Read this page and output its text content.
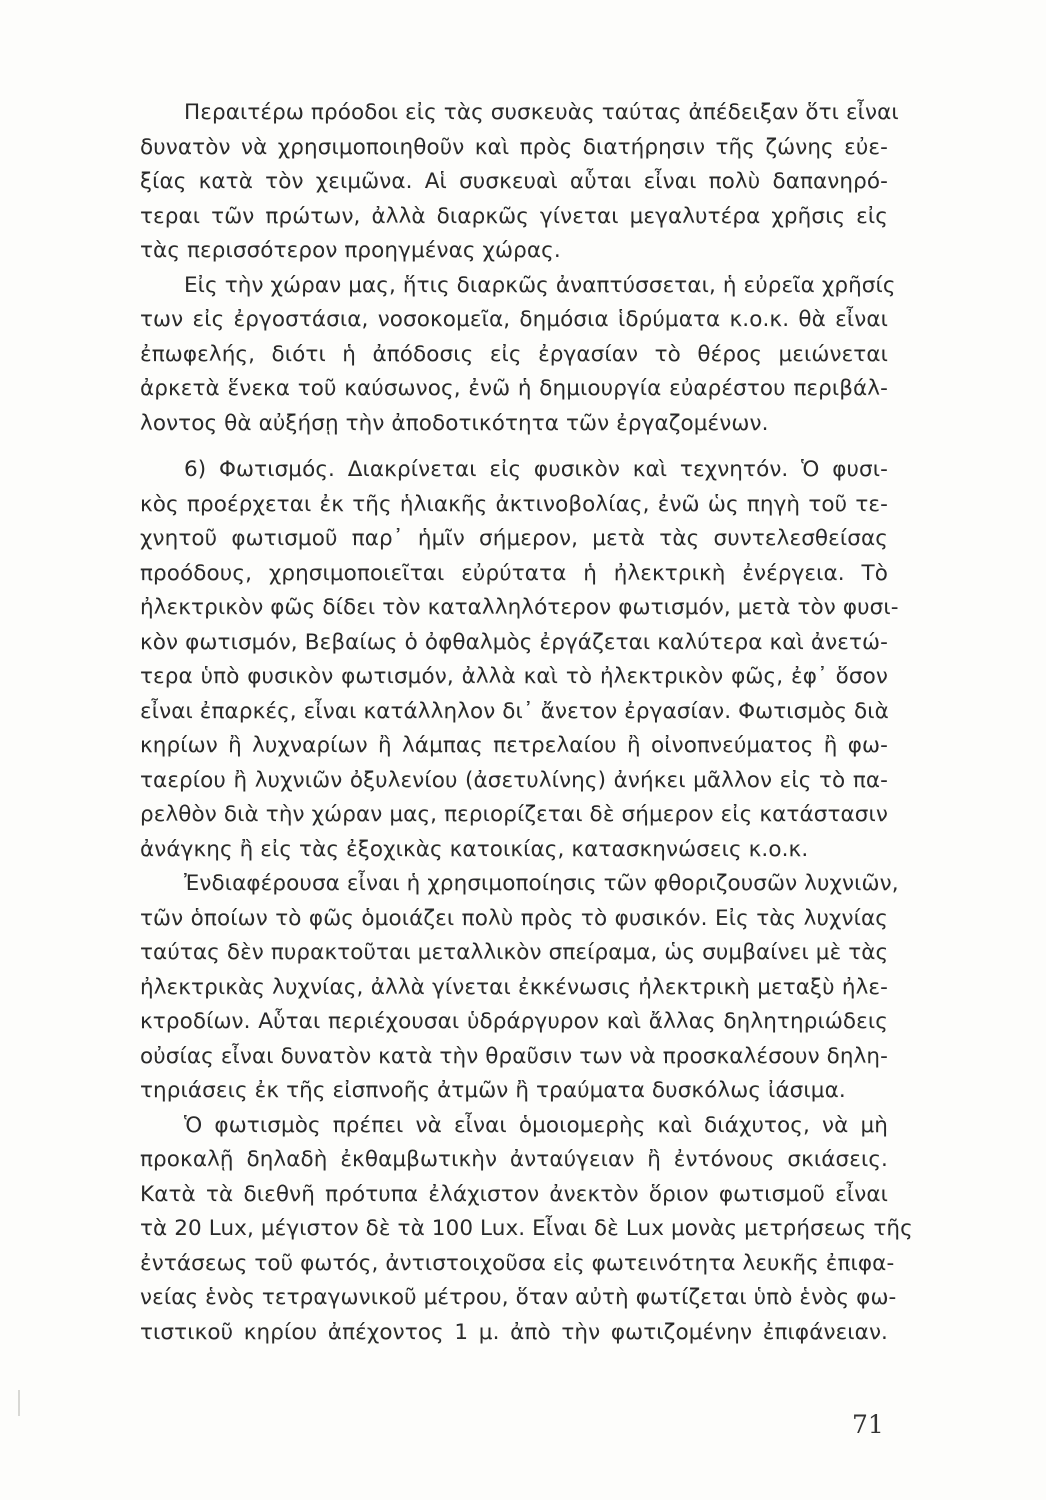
Περαιτέρω πρόοδοι εἰς τὰς συσκευὰς ταύτας ἀπέδειξαν ὅτι εἶναι
δυνατὸν νὰ χρησιμοποιηθοῦν καὶ πρὸς διατήρησιν τῆς ζώνης εὐε-
ξίας κατὰ τὸν χειμῶνα. Αἱ συσκευαὶ αὗται εἶναι πολὺ δαπανηρό-
τεραι τῶν πρώτων, ἀλλὰ διαρκῶς γίνεται μεγαλυτέρα χρῆσις εἰς
τὰς περισσότερον προηγμένας χώρας.
Εἰς τὴν χώραν μας, ἥτις διαρκῶς ἀναπτύσσεται, ἡ εὐρεῖα χρῆσίς
των εἰς ἐργοστάσια, νοσοκομεῖα, δημόσια ἱδρύματα κ.ο.κ. θὰ εἶναι
ἐπωφελής, διότι ἡ ἀπόδοσις εἰς ἐργασίαν τὸ θέρος μειώνεται
ἀρκετὰ ἕνεκα τοῦ καύσωνος, ἐνῶ ἡ δημιουργία εὐαρέστου περιβάλ-
λοντος θὰ αὐξήσῃ τὴν ἀποδοτικότητα τῶν ἐργαζομένων.
6) Φωτισμός. Διακρίνεται εἰς φυσικὸν καὶ τεχνητόν. Ὁ φυσι-
κὸς προέρχεται ἐκ τῆς ἡλιακῆς ἀκτινοβολίας, ἐνῶ ὡς πηγὴ τοῦ τε-
χνητοῦ φωτισμοῦ παρ᾿ ἡμῖν σήμερον, μετὰ τὰς συντελεσθείσας
προόδους, χρησιμοποιεῖται εὐρύτατα ἡ ἠλεκτρικὴ ἐνέργεια. Τὸ
ἠλεκτρικὸν φῶς δίδει τὸν καταλληλότερον φωτισμόν, μετὰ τὸν φυσι-
κὸν φωτισμόν, Βεβαίως ὁ ὀφθαλμὸς ἐργάζεται καλύτερα καὶ ἀνετώ-
τερα ὑπὸ φυσικὸν φωτισμόν, ἀλλὰ καὶ τὸ ἠλεκτρικὸν φῶς, ἐφ᾿ ὅσον
εἶναι ἐπαρκές, εἶναι κατάλληλον δι᾿ ἄνετον ἐργασίαν. Φωτισμὸς διὰ
κηρίων ἢ λυχναρίων ἢ λάμπας πετρελαίου ἢ οἰνοπνεύματος ἢ φω-
ταερίου ἢ λυχνιῶν ὀξυλενίου (ἀσετυλίνης) ἀνήκει μᾶλλον εἰς τὸ πα-
ρελθὸν διὰ τὴν χώραν μας, περιορίζεται δὲ σήμερον εἰς κατάστασιν
ἀνάγκης ἢ εἰς τὰς ἐξοχικὰς κατοικίας, κατασκηνώσεις κ.ο.κ.
Ἐνδιαφέρουσα εἶναι ἡ χρησιμοποίησις τῶν φθοριζουσῶν λυχνιῶν,
τῶν ὁποίων τὸ φῶς ὁμοιάζει πολὺ πρὸς τὸ φυσικόν. Εἰς τὰς λυχνίας
ταύτας δὲν πυρακτοῦται μεταλλικὸν σπείραμα, ὡς συμβαίνει μὲ τὰς
ἠλεκτρικὰς λυχνίας, ἀλλὰ γίνεται ἐκκένωσις ἠλεκτρικὴ μεταξὺ ἠλε-
κτροδίων. Αὗται περιέχουσαι ὑδράργυρον καὶ ἄλλας δηλητηριώδεις
οὐσίας εἶναι δυνατὸν κατὰ τὴν θραῦσιν των νὰ προσκαλέσουν δηλη-
τηριάσεις ἐκ τῆς εἰσπνοῆς ἀτμῶν ἢ τραύματα δυσκόλως ἰάσιμα.
Ὁ φωτισμὸς πρέπει νὰ εἶναι ὁμοιομερὴς καὶ διάχυτος, νὰ μὴ
προκαλῇ δηλαδὴ ἐκθαμβωτικὴν ἀνταύγειαν ἢ ἐντόνους σκιάσεις.
Κατὰ τὰ διεθνῆ πρότυπα ἐλάχιστον ἀνεκτὸν ὅριον φωτισμοῦ εἶναι
τὰ 20 Lux, μέγιστον δὲ τὰ 100 Lux. Εἶναι δὲ Lux μονὰς μετρήσεως τῆς
ἐντάσεως τοῦ φωτός, ἀντιστοιχοῦσα εἰς φωτεινότητα λευκῆς ἐπιφα-
νείας ἑνὸς τετραγωνικοῦ μέτρου, ὅταν αὐτὴ φωτίζεται ὑπὸ ἑνὸς φω-
τιστικοῦ κηρίου ἀπέχοντος 1 μ. ἀπὸ τὴν φωτιζομένην ἐπιφάνειαν.
71
